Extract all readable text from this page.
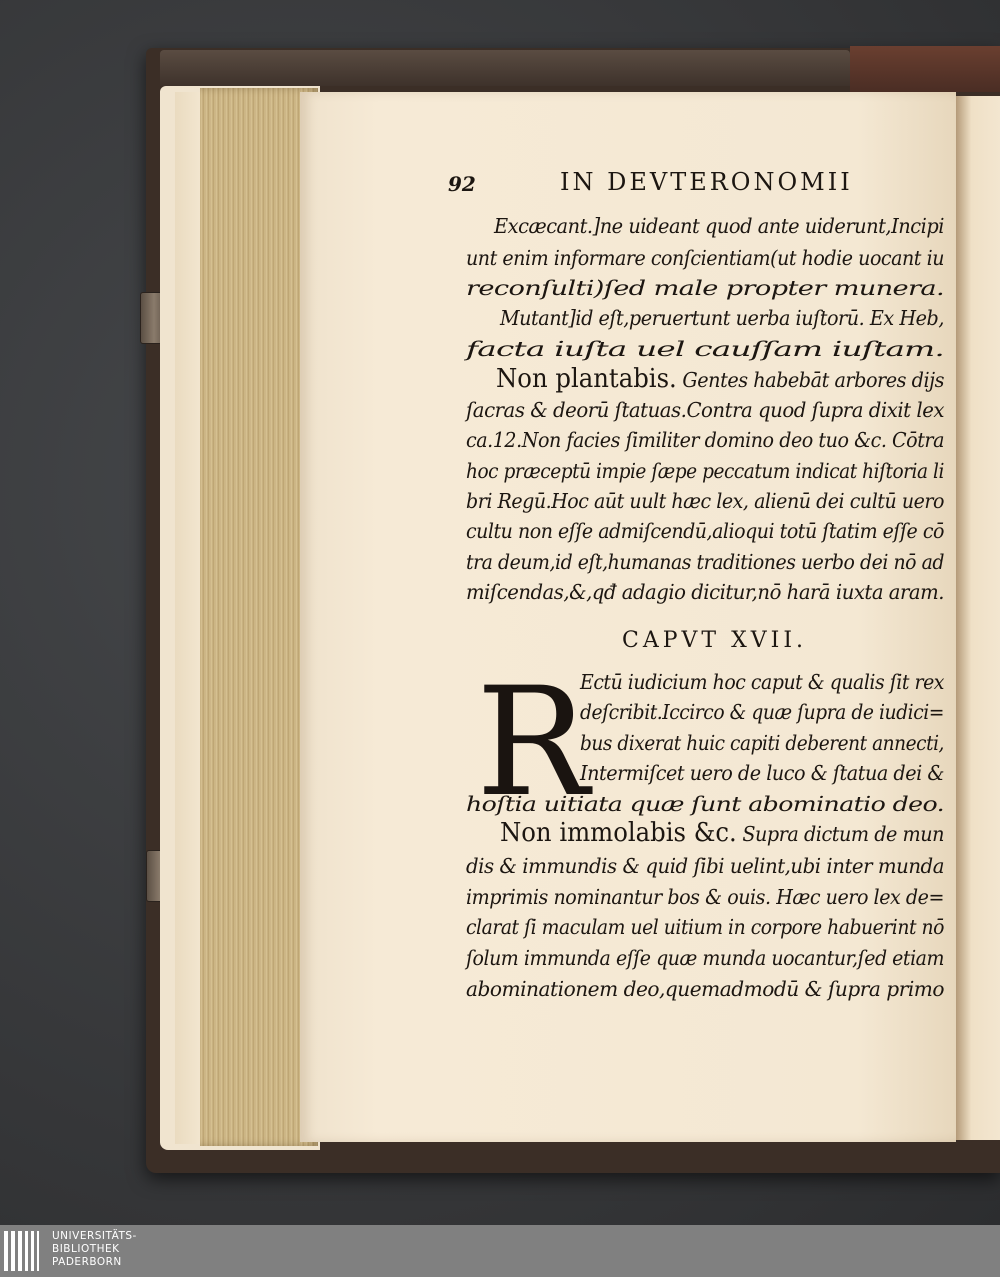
92	IN DEVTERONOMII
Excæcant.]ne uideant quod ante uiderunt,Incipi
unt enim informare conſcientiam(ut hodie uocant iu
reconſulti)ſed male propter munera.
Mutant]id eſt,peruertunt uerba iuſtorū. Ex Heb,
facta iuſta uel cauſſam iuſtam.
Non plantabis. Gentes habebāt arbores dijs
ſacras & deorū ſtatuas.Contra quod ſupra dixit lex
ca.12.Non facies ſimiliter domino deo tuo &c. Cōtra
hoc præceptū impie ſæpe peccatum indicat hiſtoria li
bri Regū.Hoc aūt uult hæc lex, alienū dei cultū uero
cultu non eſſe admiſcendū,alioqui totū ſtatim eſſe cō
tra deum,id eſt,humanas traditiones uerbo dei nō ad
miſcendas,&,qđ adagio dicitur,nō harā iuxta aram.
CAPVT XVII.
Ectū iudicium hoc caput & qualis ſit rex
deſcribit.Iccirco & quæ ſupra de iudici=
bus dixerat huic capiti deberent annecti,
Intermiſcet uero de luco & ſtatua dei &
hoſtia uitiata quæ ſunt abominatio deo.
Non immolabis &c. Supra dictum de mun
dis & immundis & quid ſibi uelint,ubi inter munda
imprimis nominantur bos & ouis. Hæc uero lex de=
clarat ſi maculam uel uitium in corpore habuerint nō
ſolum immunda eſſe quæ munda uocantur,ſed etiam
abominationem deo,quemadmodū & ſupra primo
R
UNIVERSITÄTS-
BIBLIOTHEK
PADERBORN
